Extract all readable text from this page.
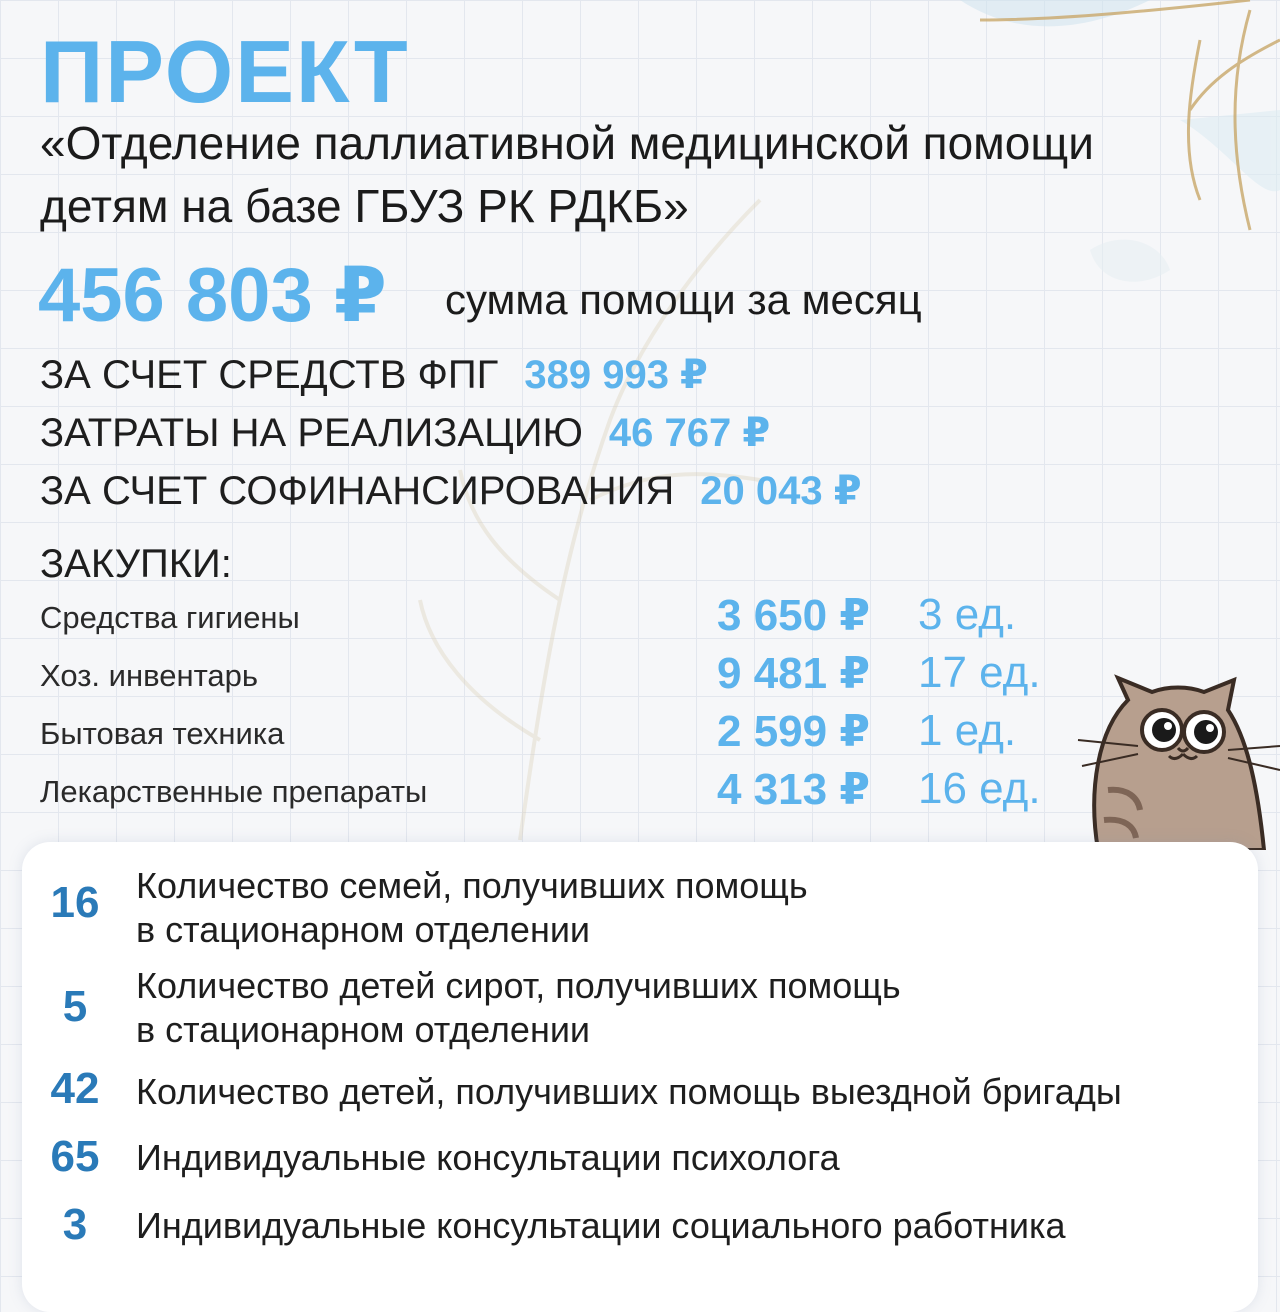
ПРОЕКТ
«Отделение паллиативной медицинской помощи детям на базе ГБУЗ РК РДКБ»
456 803 ₽ сумма помощи за месяц
ЗА СЧЕТ СРЕДСТВ ФПГ 389 993 ₽
ЗАТРАТЫ НА РЕАЛИЗАЦИЮ 46 767 ₽
ЗА СЧЕТ СОФИНАНСИРОВАНИЯ 20 043 ₽
ЗАКУПКИ:
Средства гигиены	3 650 ₽ 3 ед.
Хоз. инвентарь	9 481 ₽ 17 ед.
Бытовая техника	2 599 ₽ 1 ед.
Лекарственные препараты	4 313 ₽ 16 ед.
16	Количество семей, получивших помощь
в стационарном отделении
5	Количество детей сирот, получивших помощь
в стационарном отделении
42	Количество детей, получивших помощь выездной бригады
65	Индивидуальные консультации психолога
3	Индивидуальные консультации социального работника
